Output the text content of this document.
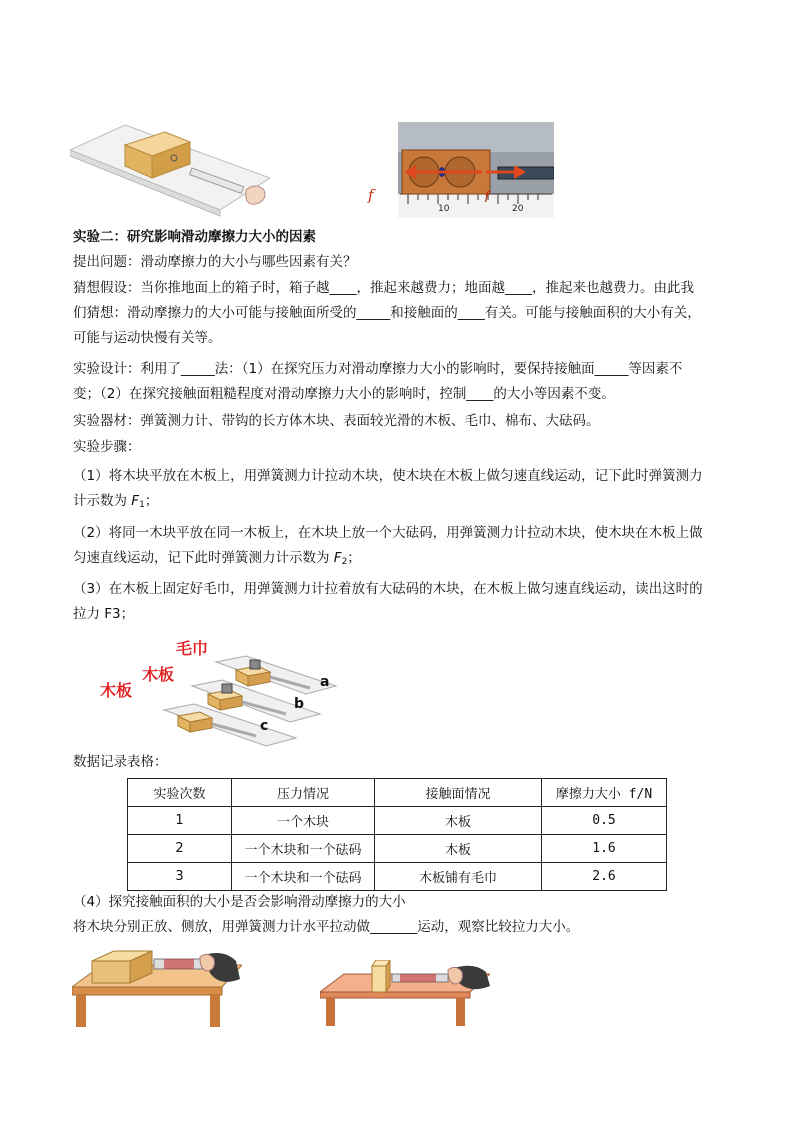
20
10
f
f
实验二：研究影响滑动摩擦力大小的因素
提出问题：滑动摩擦力的大小与哪些因素有关？
猜想假设：当你推地面上的箱子时，箱子越____，推起来越费力；地面越____，推起来也越费力。由此我
们猜想：滑动摩擦力的大小可能与接触面所受的_____和接触面的____有关。可能与接触面积的大小有关，
可能与运动快慢有关等。
实验设计：利用了_____法：（1）在探究压力对滑动摩擦力大小的影响时，要保持接触面_____等因素不
变；（2）在探究接触面粗糙程度对滑动摩擦力大小的影响时，控制____的大小等因素不变。
实验器材：弹簧测力计、带钩的长方体木块、表面较光滑的木板、毛巾、棉布、大砝码。
实验步骤：
（1）将木块平放在木板上，用弹簧测力计拉动木块，使木块在木板上做匀速直线运动，记下此时弹簧测力
计示数为 $F_1$；
（2）将同一木块平放在同一木板上，在木块上放一个大砝码，用弹簧测力计拉动木块，使木块在木板上做
匀速直线运动，记下此时弹簧测力计示数为 $F_2$；
（3）在木板上固定好毛巾，用弹簧测力计拉着放有大砝码的木块，在木板上做匀速直线运动，读出这时的
拉力 F3；
毛巾
木板
木板	a
b
c
数据记录表格：
实验次数	压力情况	接触面情况	摩擦力大小 f/N
1	一个木块	木板	0.5
2	一个木块和一个砝码	木板	1.6
3	一个木块和一个砝码	木板铺有毛巾	2.6
（4）探究接触面积的大小是否会影响滑动摩擦力的大小
将木块分别正放、侧放，用弹簧测力计水平拉动做_______运动，观察比较拉力大小。
